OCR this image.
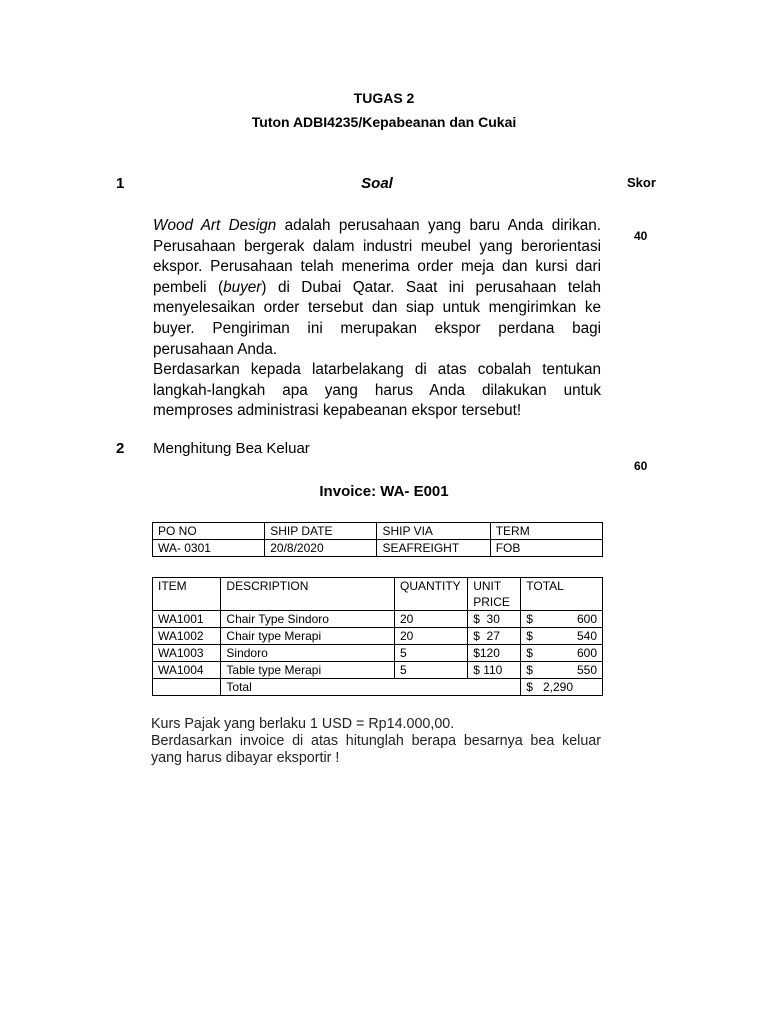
TUGAS 2
Tuton ADBI4235/Kepabeanan dan Cukai
1	Soal	Skor
40

Wood Art Design adalah perusahaan yang baru Anda dirikan. Perusahaan bergerak dalam industri meubel yang berorientasi ekspor. Perusahaan telah menerima order meja dan kursi dari pembeli (buyer) di Dubai Qatar. Saat ini perusahaan telah menyelesaikan order tersebut dan siap untuk mengirimkan ke buyer. Pengiriman ini merupakan ekspor perdana bagi perusahaan Anda.

Berdasarkan kepada latarbelakang di atas cobalah tentukan langkah-langkah apa yang harus Anda dilakukan untuk memproses administrasi kepabeanan ekspor tersebut!

2 Menghitung Bea Keluar
60
Invoice: WA- E001
PO NO	SHIP DATE	SHIP VIA	TERM
WA- 0301	20/8/2020	SEAFREIGHT	FOB
ITEM	DESCRIPTION	QUANTITY	UNIT PRICE	TOTAL
WA1001	Chair Type Sindoro	20	$  30	$ 600

WA1002	Chair type Merapi	20	$  27	$ 540

WA1003	Sindoro	5	$120	$ 600

WA1004	Table type Merapi	5	$ 110	$ 550

	Total			$   2,290

Kurs Pajak yang berlaku 1 USD = Rp14.000,00.

Berdasarkan invoice di atas hitunglah berapa besarnya bea keluar yang harus dibayar eksportir !
